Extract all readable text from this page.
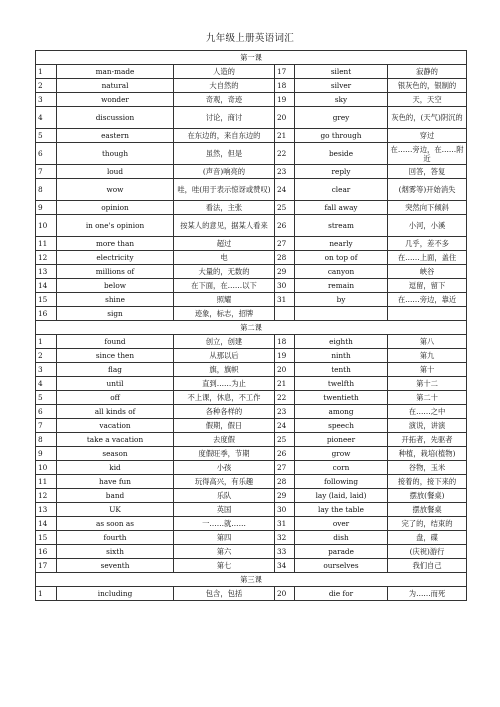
九年级上册英语词汇
第一课					
1	man-made	人造的	17	silent	寂静的
2	natural	大自然的	18	silver	银灰色的，银制的
3	wonder	奇观，奇迹	19	sky	天，天空
4	discussion	讨论，商讨	20	grey	灰色的，(天气)阴沉的
5	eastern	在东边的，来自东边的	21	go through	穿过
6	though	虽然，但是	22	beside	在……旁边，在……附近
7	loud	(声音)响亮的	23	reply	回答，答复
8	wow	哇，哇(用于表示惊讶或赞叹)	24	clear	(烟雾等)开始消失
9	opinion	看法，主张	25	fall away	突然向下倾斜
10	in one's opinion	按某人的意见，据某人看来	26	stream	小河，小溪
11	more than	超过	27	nearly	几乎，差不多
12	electricity	电	28	on top of	在……上面，盖住
13	millions of	大量的，无数的	29	canyon	峡谷
14	below	在下面，在……以下	30	remain	逗留，留下
15	shine	照耀	31	by	在……旁边，靠近
16	sign	迹象，标志，招牌			
第二课					
1	found	创立，创建	18	eighth	第八
2	since then	从那以后	19	ninth	第九
3	flag	旗，旗帜	20	tenth	第十
4	until	直到……为止	21	twelfth	第十二
5	off	不上课，休息，不工作	22	twentieth	第二十
6	all kinds of	各种各样的	23	among	在……之中
7	vacation	假期，假日	24	speech	演说，讲演
8	take a vacation	去度假	25	pioneer	开拓者，先驱者
9	season	度假旺季，节期	26	grow	种植，栽培(植物)
10	kid	小孩	27	corn	谷物，玉米
11	have fun	玩得高兴，有乐趣	28	following	接着的，接下来的
12	band	乐队	29	lay (laid, laid)	摆放(餐桌)
13	UK	英国	30	lay the table	摆放餐桌
14	as soon as	一……就……	31	over	完了的，结束的
15	fourth	第四	32	dish	盘，碟
16	sixth	第六	33	parade	(庆祝)游行
17	seventh	第七	34	ourselves	我们自己
第三课					
1	including	包含，包括	20	die for	为……而死
